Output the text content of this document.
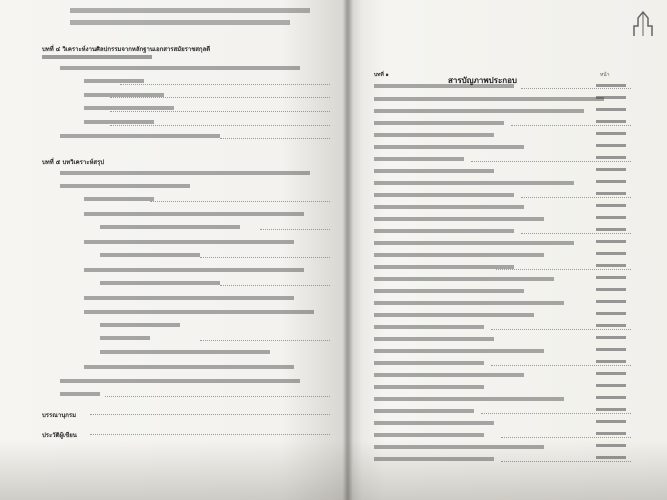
บทที่ ๔ วิเคราะห์งานศิลปกรรมจากหลักฐานเอกสารสมัยราชสกุลดี
บทที่ ๕ บทวิเคราะห์สรุป
บรรณานุกรม
ประวัติผู้เขียน
หน้า
บทที่ ๑
สารบัญภาพประกอบ
